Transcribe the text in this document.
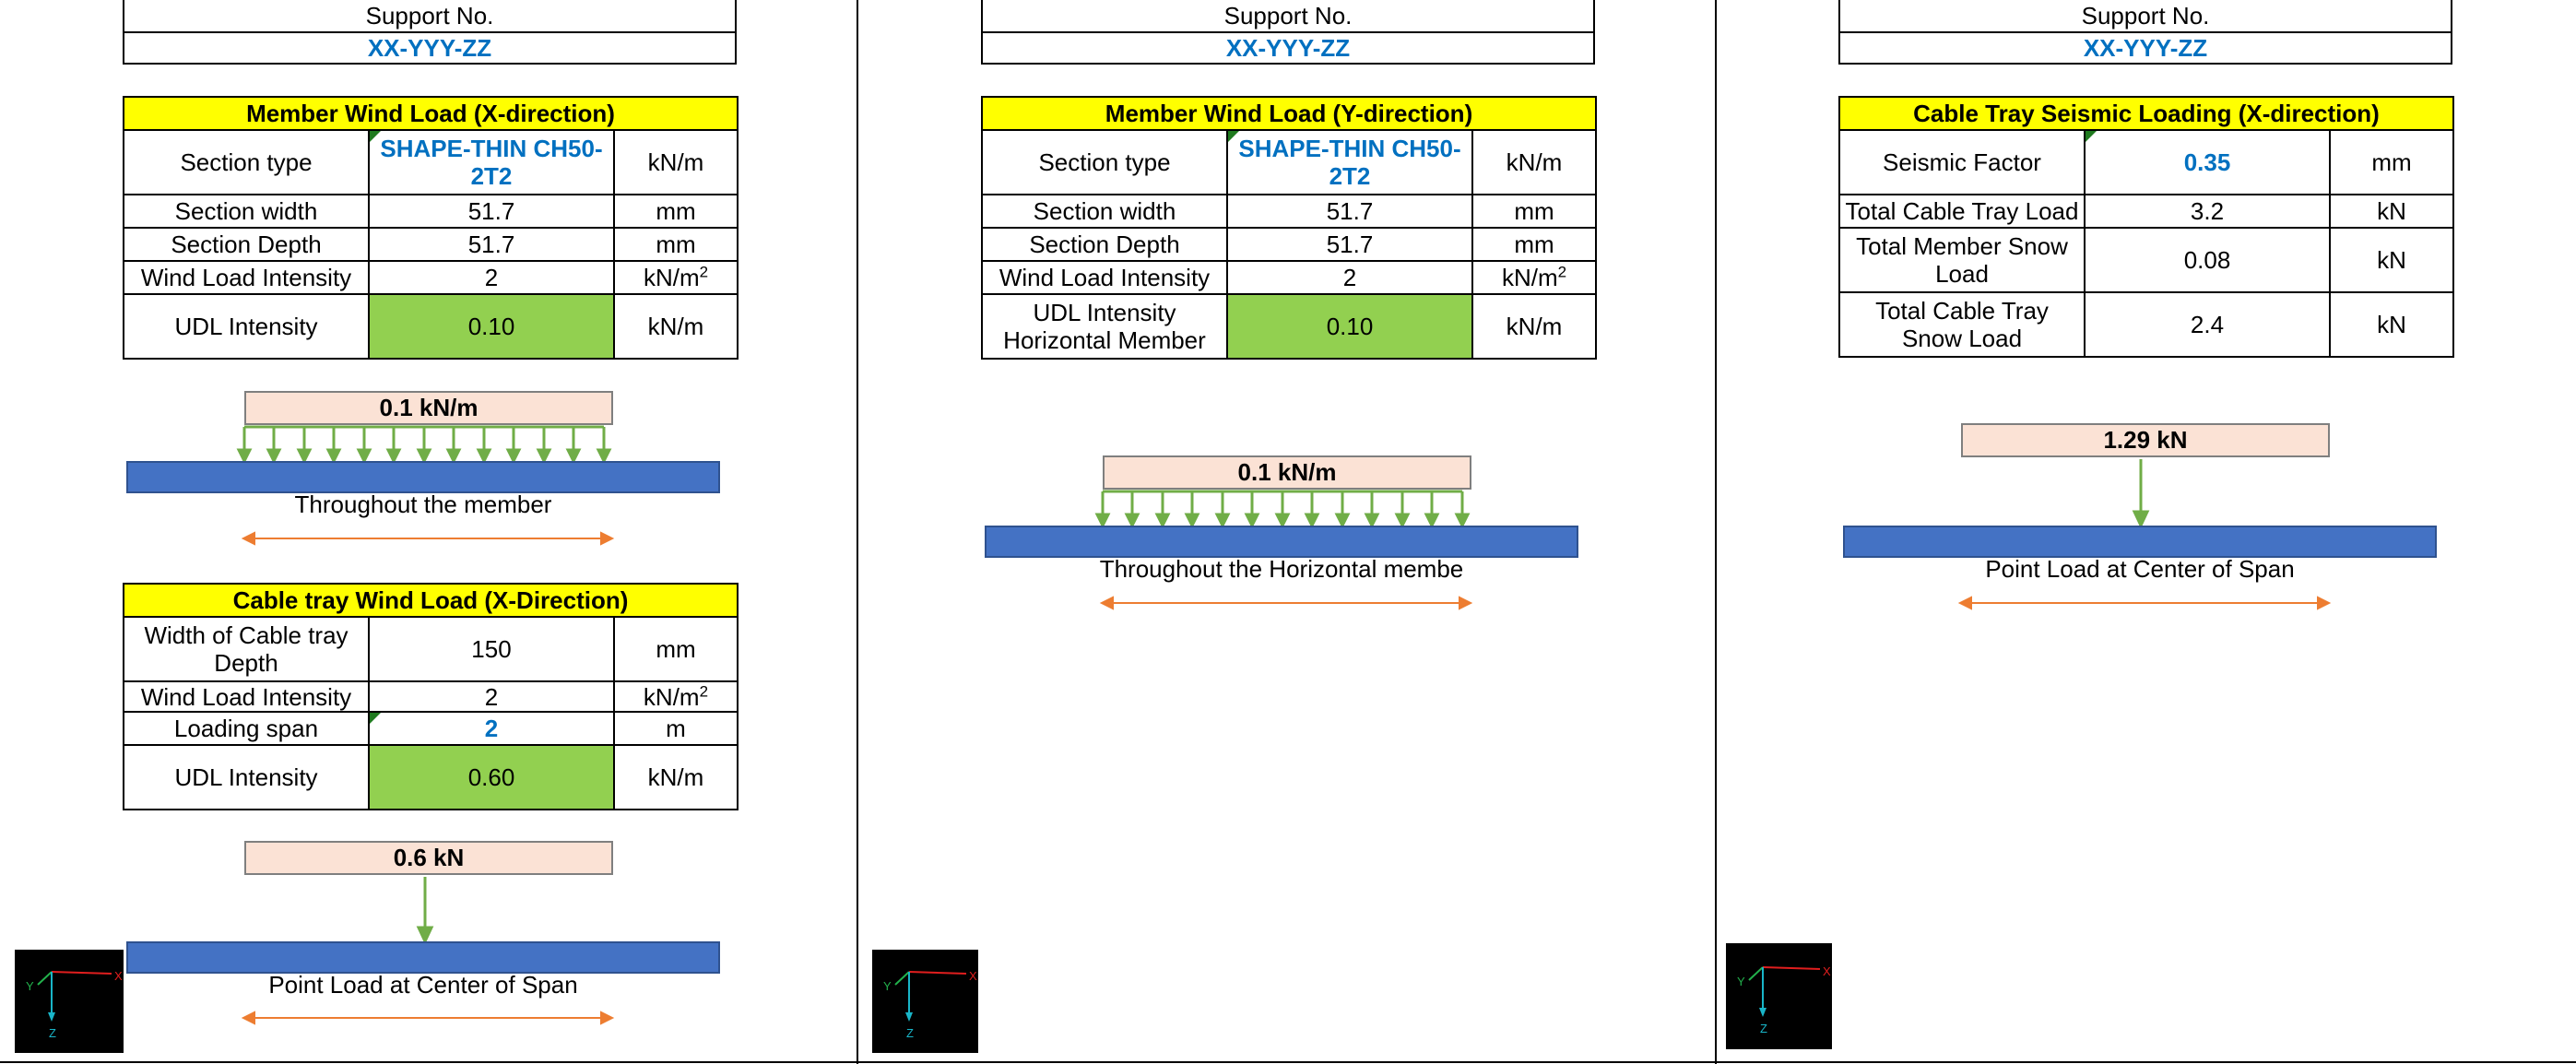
Support No.
XX-YYY-ZZ
Member Wind Load (X-direction)		
Section type	SHAPE-THIN CH50-2T2	kN/m
Section width	51.7	mm
Section Depth	51.7	mm
Wind Load Intensity	2	$kN/m^2$
UDL Intensity	0.10	kN/m
0.1 kN/m
Throughout the member
Cable tray Wind Load (X-Direction)		
Width of Cable tray Depth	150	mm
Wind Load Intensity	2	$kN/m^2$
Loading span	2	m
UDL Intensity	0.60	kN/m
0.6 kN
Point Load at Center of Span
X
Y
Z
Support No.
XX-YYY-ZZ
Member Wind Load (Y-direction)		
Section type	SHAPE-THIN CH50-2T2	kN/m
Section width	51.7	mm
Section Depth	51.7	mm
Wind Load Intensity	2	$kN/m^2$
UDL Intensity Horizontal Member	0.10	kN/m
0.1 kN/m
Throughout the Horizontal membe
X
Y
Z
Support No.
XX-YYY-ZZ
Cable Tray Seismic Loading (X-direction)		
Seismic Factor	0.35	mm
Total Cable Tray Load	3.2	kN
Total Member Snow Load	0.08	kN
Total Cable Tray Snow Load	2.4	kN
1.29 kN
Point Load at Center of Span
X
Y
Z
